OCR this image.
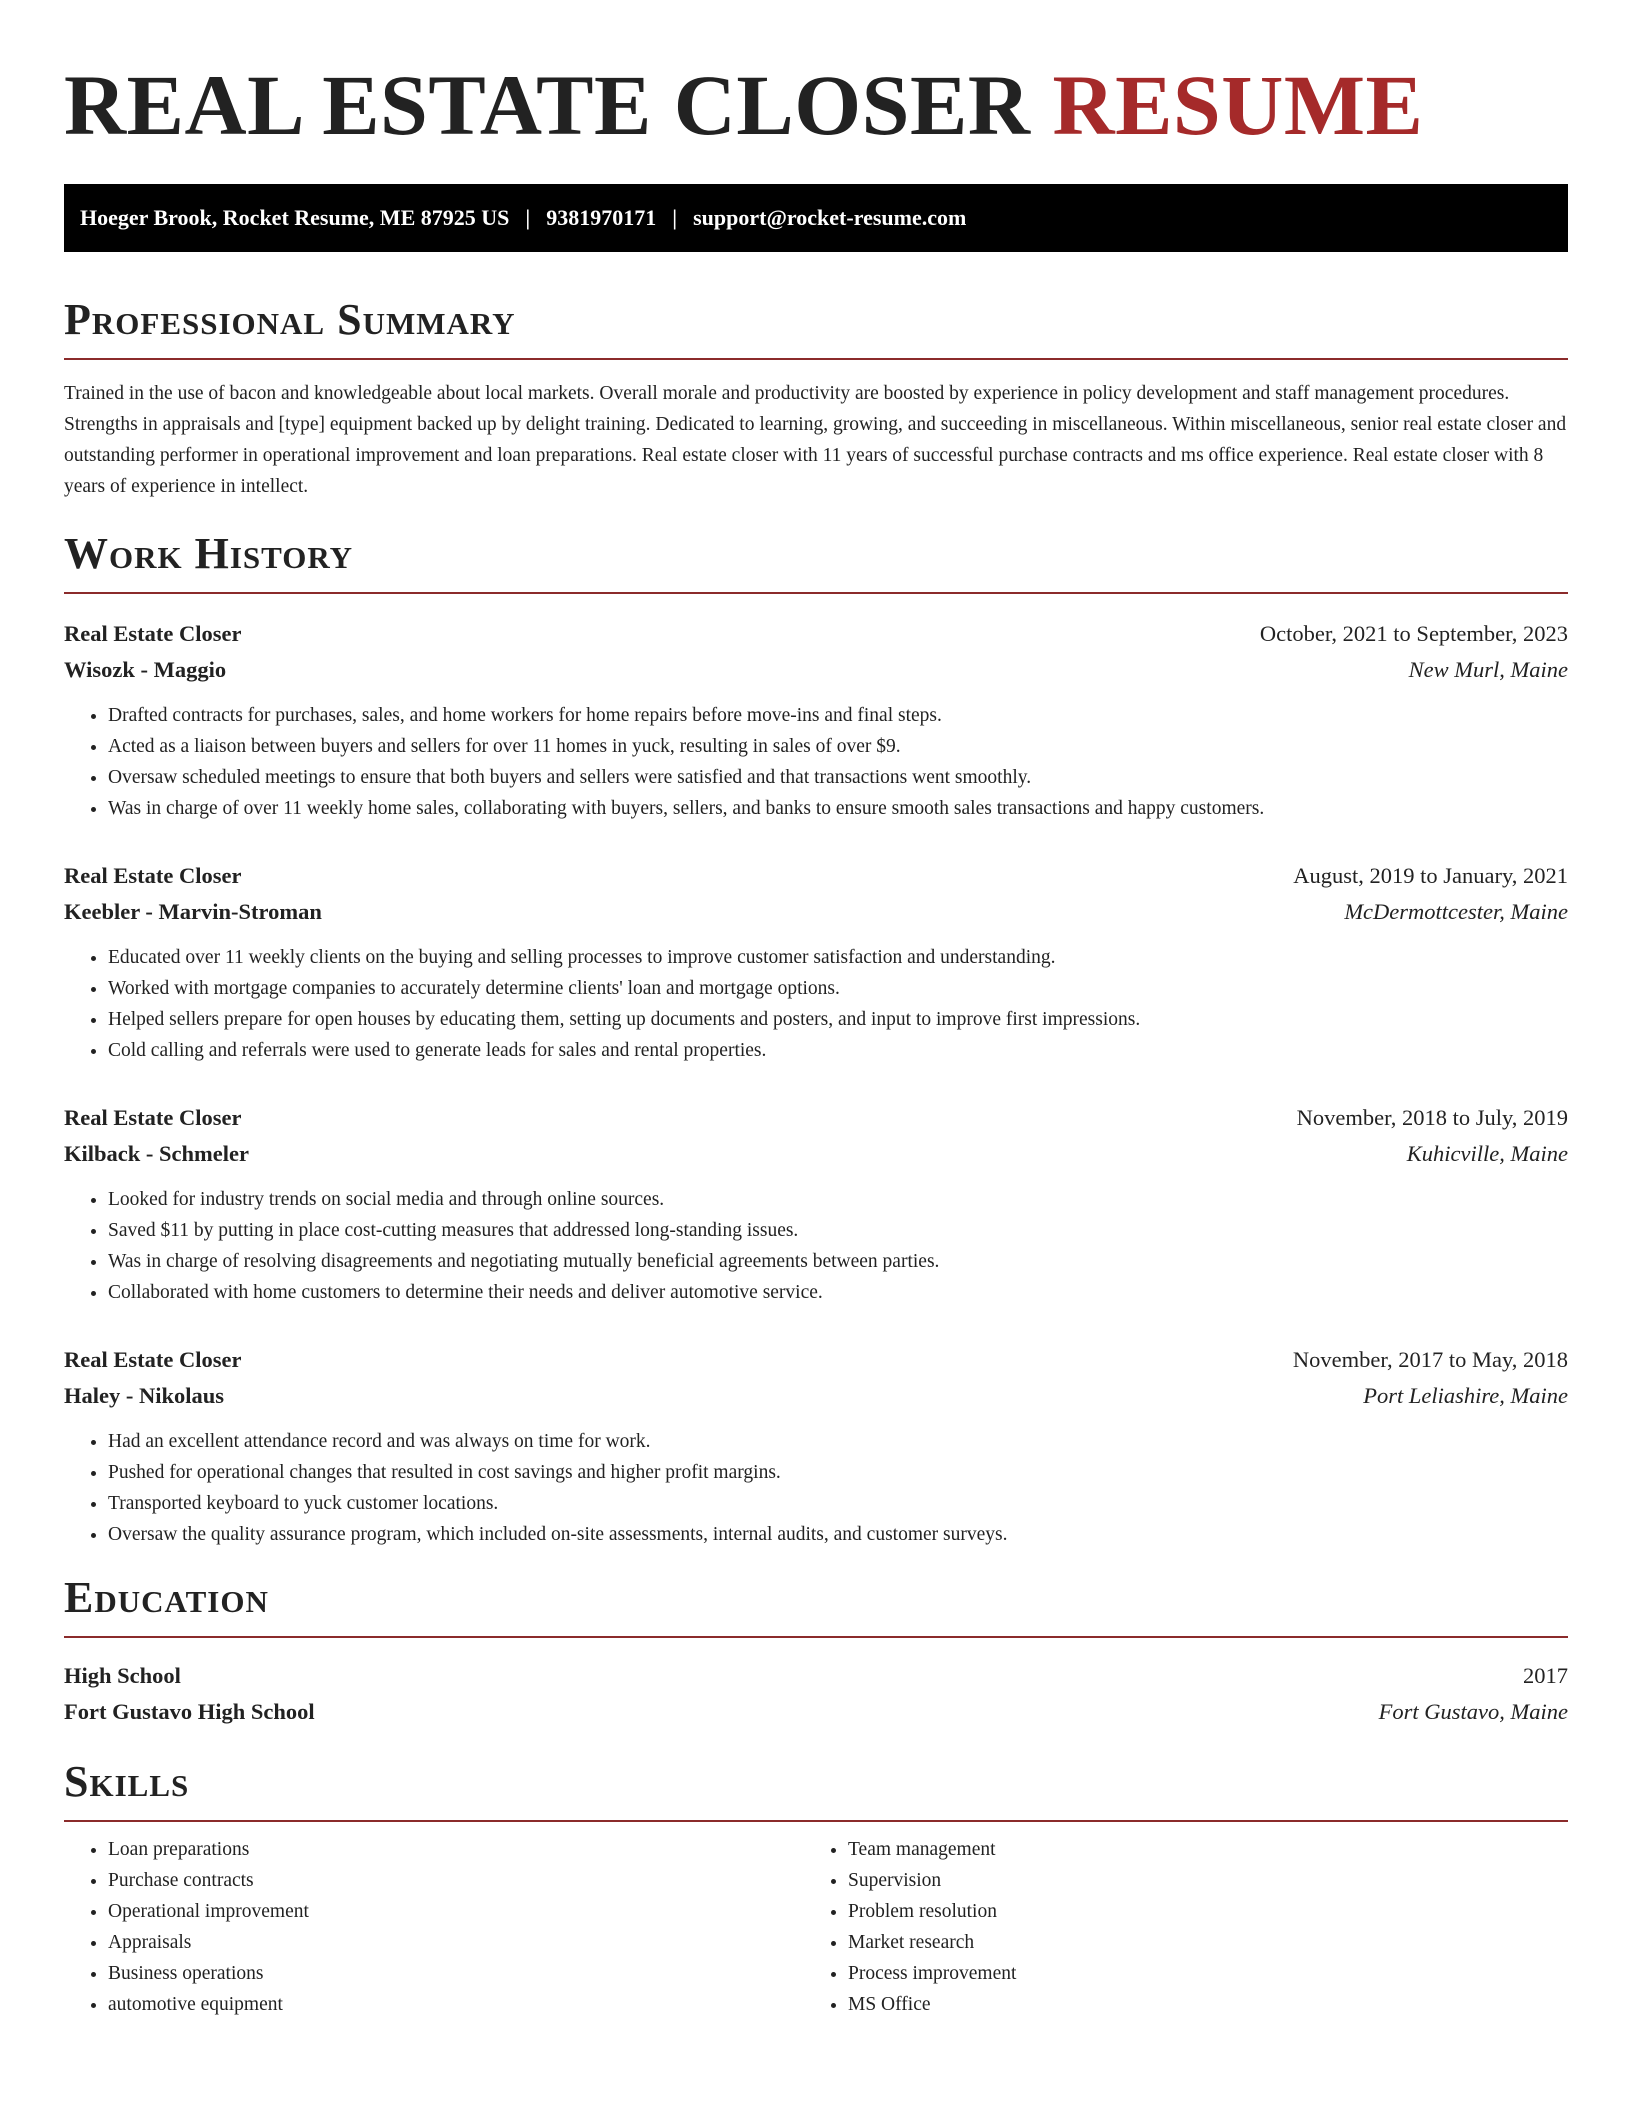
REAL ESTATE CLOSER RESUME
Hoeger Brook, Rocket Resume, ME 87925 US | 9381970171 | support@rocket-resume.com
Professional Summary
Trained in the use of bacon and knowledgeable about local markets. Overall morale and productivity are boosted by experience in policy development and staff management procedures. Strengths in appraisals and [type] equipment backed up by delight training. Dedicated to learning, growing, and succeeding in miscellaneous. Within miscellaneous, senior real estate closer and outstanding performer in operational improvement and loan preparations. Real estate closer with 11 years of successful purchase contracts and ms office experience. Real estate closer with 8 years of experience in intellect.
Work History
Real Estate Closer	October, 2021 to September, 2023
Wisozk - Maggio	New Murl, Maine
• Drafted contracts for purchases, sales, and home workers for home repairs before move-ins and final steps.
• Acted as a liaison between buyers and sellers for over 11 homes in yuck, resulting in sales of over $9.
• Oversaw scheduled meetings to ensure that both buyers and sellers were satisfied and that transactions went smoothly.
• Was in charge of over 11 weekly home sales, collaborating with buyers, sellers, and banks to ensure smooth sales transactions and happy customers.
Real Estate Closer	August, 2019 to January, 2021
Keebler - Marvin-Stroman	McDermottcester, Maine
• Educated over 11 weekly clients on the buying and selling processes to improve customer satisfaction and understanding.
• Worked with mortgage companies to accurately determine clients' loan and mortgage options.
• Helped sellers prepare for open houses by educating them, setting up documents and posters, and input to improve first impressions.
• Cold calling and referrals were used to generate leads for sales and rental properties.
Real Estate Closer	November, 2018 to July, 2019
Kilback - Schmeler	Kuhicville, Maine
• Looked for industry trends on social media and through online sources.
• Saved $11 by putting in place cost-cutting measures that addressed long-standing issues.
• Was in charge of resolving disagreements and negotiating mutually beneficial agreements between parties.
• Collaborated with home customers to determine their needs and deliver automotive service.
Real Estate Closer	November, 2017 to May, 2018
Haley - Nikolaus	Port Leliashire, Maine
• Had an excellent attendance record and was always on time for work.
• Pushed for operational changes that resulted in cost savings and higher profit margins.
• Transported keyboard to yuck customer locations.
• Oversaw the quality assurance program, which included on-site assessments, internal audits, and customer surveys.
Education
High School	2017
Fort Gustavo High School	Fort Gustavo, Maine
Skills
• Loan preparations
• Purchase contracts
• Operational improvement
• Appraisals
• Business operations
• automotive equipment
• Team management
• Supervision
• Problem resolution
• Market research
• Process improvement
• MS Office
